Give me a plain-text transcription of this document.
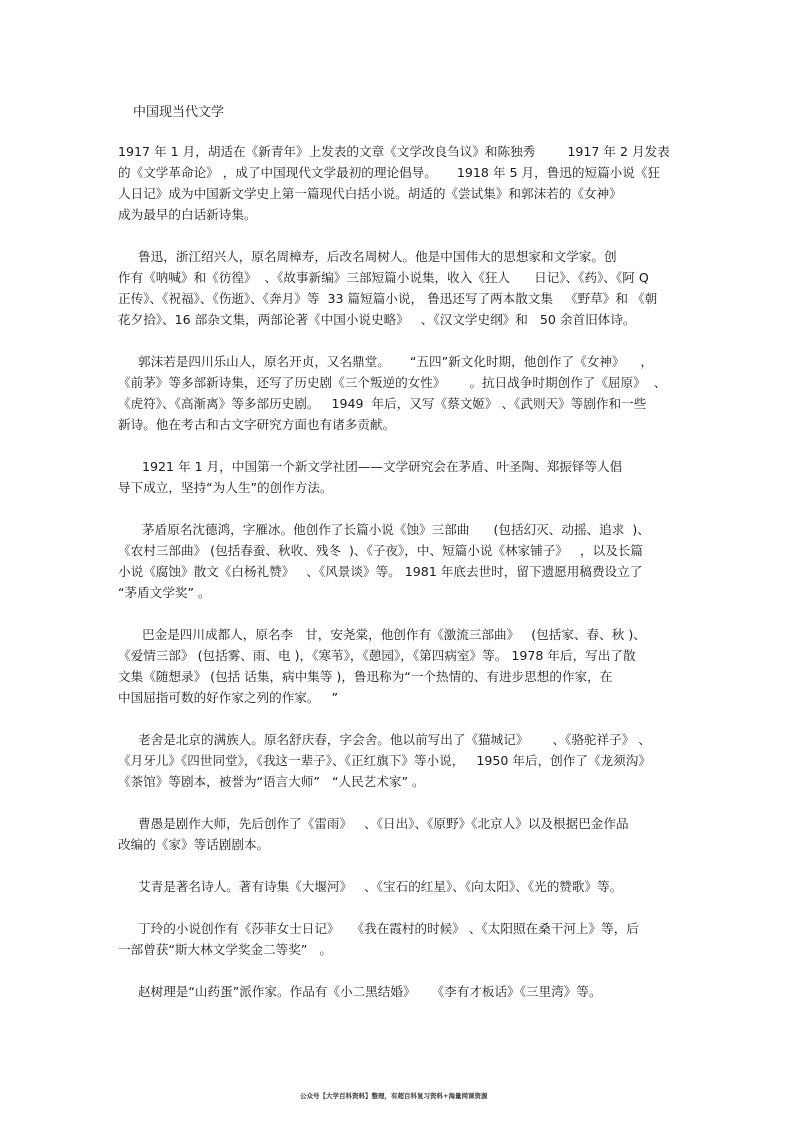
中国现当代文学
1917 年 1 月，胡适在《新青年》上发表的文章《文学改良刍议》和陈独秀        1917 年 2 月发表
的《文学革命论》 ，成了中国现代文学最初的理论倡导。     1918 年 5 月，鲁迅的短篇小说《狂
人日记》成为中国新文学史上第一篇现代白括小说。胡适的《尝试集》和郭沫若的《女神》
成为最早的白话新诗集。
鲁迅，浙江绍兴人，原名周樟寿，后改名周树人。他是中国伟大的思想家和文学家。创
作有《呐喊》和《彷徨》  、《故事新编》三部短篇小说集，收入《狂人      日记》、《药》、《阿 Q
正传》、《祝福》、《伤逝》、《奔月》等  33 篇短篇小说， 鲁迅还写了两本散文集   《野草》和 《朝
花夕拾》、16 部杂文集，两部论著《中国小说史略》   、《汉文学史纲》和   50 余首旧体诗。
郭沫若是四川乐山人，原名开贞，又名鼎堂。     “五四”新文化时期，他创作了《女神》    ，
《前茅》等多部新诗集，还写了历史剧《三个叛逆的女性》      。抗日战争时期创作了《屈原》  、
《虎符》、《高渐离》等多部历史剧。   1949  年后，又写《蔡文姬》 、《武则天》等剧作和一些
新诗。他在考古和古文字研究方面也有诸多贡献。
1921 年 1 月，中国第一个新文学社团——文学研究会在茅盾、叶圣陶、郑振铎等人倡
导下成立，坚持“为人生”的创作方法。
茅盾原名沈德鸿，字雁冰。他创作了长篇小说《蚀》三部曲      (包括幻灭、动摇、追求  )、
《农村三部曲》 (包括春蚕、秋收、残冬  )、《子夜》，中、短篇小说《林家铺子》   ，以及长篇
小说《腐蚀》散文《白杨礼赞》   、《风景谈》等。 1981 年底去世时，留下遗愿用稿费设立了
“茅盾文学奖” 。
巴金是四川成都人，原名李   甘，安尧棠，他创作有《激流三部曲》   (包括家、春、秋 )、
《爱情三部》 (包括雾、雨、电 )，《寒苇》，《憩园》，《第四病室》等。 1978 年后，写出了散
文集《随想录》 (包括 话集，病中集等 )，鲁迅称为“一个热情的、有进步思想的作家，在
中国屈指可数的好作家之列的作家。   ”
老舍是北京的满族人。原名舒庆春，字会舍。他以前写出了《猫城记》      、《骆驼祥子》 、
《月牙儿》《四世同堂》，《我这一辈子》、《正红旗下》等小说，   1950 年后，创作了《龙须沟》
《茶馆》等剧本，被誉为“语言大师”   “人民艺术家” 。
曹愚是剧作大师，先后创作了《雷雨》   、《日出》、《原野》《北京人》以及根据巴金作品
改编的《家》等话剧剧本。
艾青是著名诗人。著有诗集《大堰河》   、《宝石的红星》、《向太阳》、《光的赞歌》等。
丁玲的小说创作有《莎菲女士日记》   《我在霞村的时候》 、《太阳照在桑干河上》等，后
一部曾获“斯大林文学奖金二等奖”   。
赵树理是“山药蛋”派作家。作品有《小二黑结婚》    《李有才板话》《三里湾》等。
公众号【大学百科资料】整理，有超百科复习资料+海量网课资源
